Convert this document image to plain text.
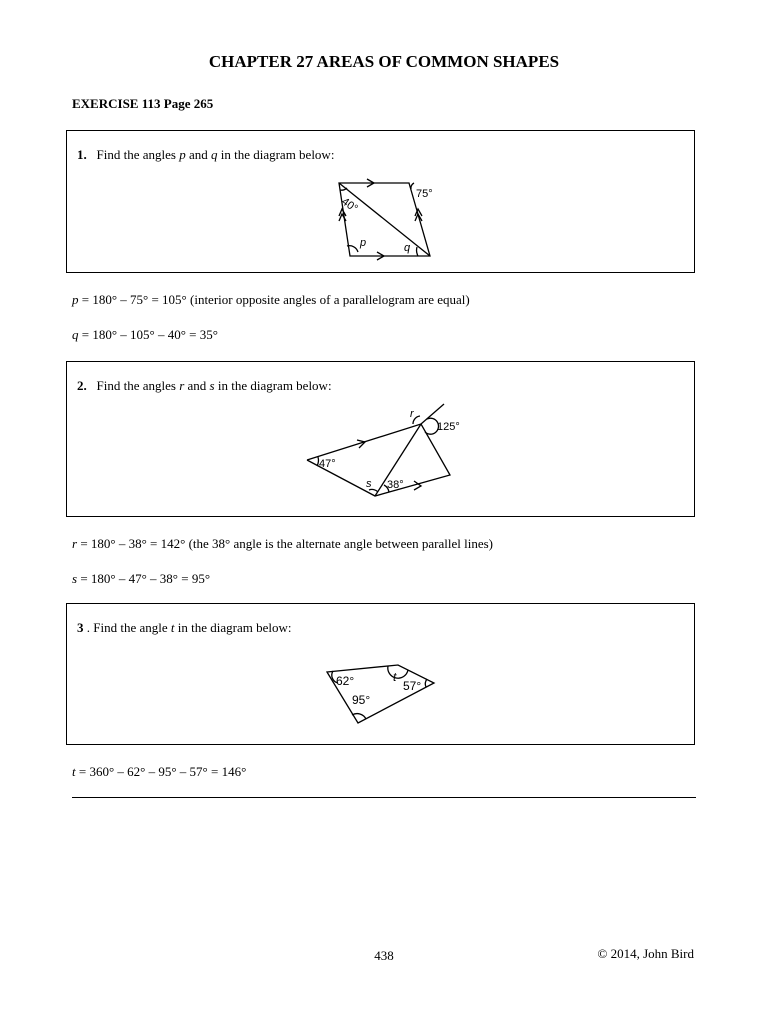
CHAPTER 27 AREAS OF COMMON SHAPES
EXERCISE 113 Page 265
1. Find the angles p and q in the diagram below:
75°
40°
p	q
p = 180° – 75° = 105° (interior opposite angles of a parallelogram are equal)
q = 180° – 105° – 40° = 35°
2. Find the angles r and s in the diagram below:
r
125°
47°
s 38°
r = 180° – 38° = 142° (the 38° angle is the alternate angle between parallel lines)
s = 180° – 47° – 38° = 95°
3 . Find the angle t in the diagram below:
62°	t
57°
95°
t = 360° – 62° – 95° – 57° = 146°
438	© 2014, John Bird
